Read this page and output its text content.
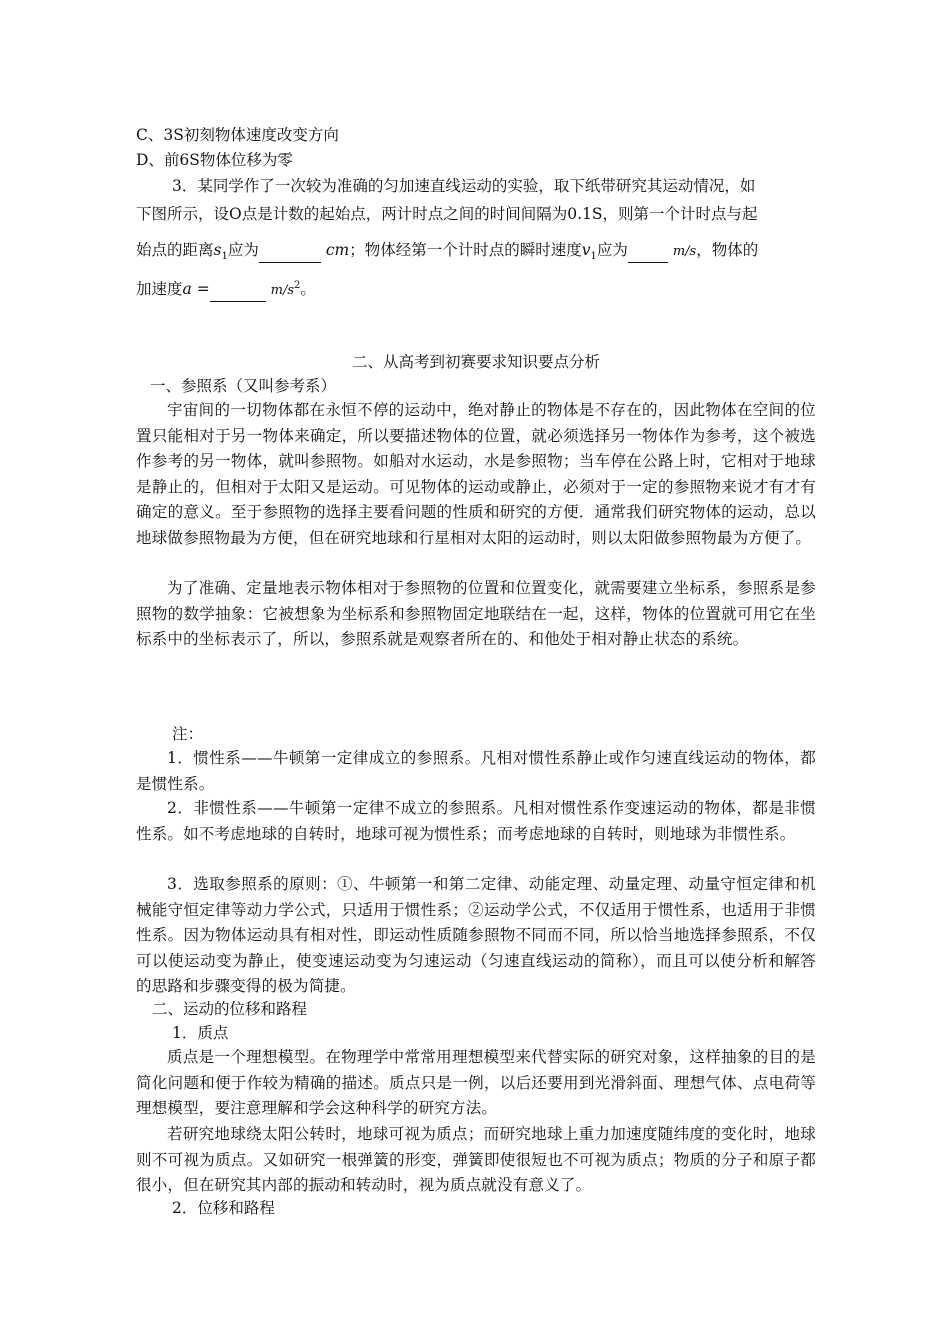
C、3S初刻物体速度改变方向
D、前6S物体位移为零
3．某同学作了一次较为准确的匀加速直线运动的实验，取下纸带研究其运动情况，如
下图所示，设O点是计数的起始点，两计时点之间的时间间隔为0.1S，则第一个计时点与起
始点的距离$s_1$应为	cm；物体经第一个计时点的瞬时速度$v_1$应为	m/s，物体的
加速度a =	$m/s^2$。
二、从高考到初赛要求知识要点分析
一、参照系（又叫参考系）
宇宙间的一切物体都在永恒不停的运动中，绝对静止的物体是不存在的，因此物体在空间的位置只能相对于另一物体来确定，所以要描述物体的位置，就必须选择另一物体作为参考，这个被选作参考的另一物体，就叫参照物。如船对水运动，水是参照物；当车停在公路上时，它相对于地球是静止的，但相对于太阳又是运动。可见物体的运动或静止，必须对于一定的参照物来说才有才有确定的意义。至于参照物的选择主要看问题的性质和研究的方便．通常我们研究物体的运动，总以地球做参照物最为方便，但在研究地球和行星相对太阳的运动时，则以太阳做参照物最为方便了。
为了准确、定量地表示物体相对于参照物的位置和位置变化，就需要建立坐标系，参照系是参照物的数学抽象：它被想象为坐标系和参照物固定地联结在一起，这样，物体的位置就可用它在坐标系中的坐标表示了，所以，参照系就是观察者所在的、和他处于相对静止状态的系统。
注：
1．惯性系——牛顿第一定律成立的参照系。凡相对惯性系静止或作匀速直线运动的物体，都是惯性系。
2．非惯性系——牛顿第一定律不成立的参照系。凡相对惯性系作变速运动的物体，都是非惯性系。如不考虑地球的自转时，地球可视为惯性系；而考虑地球的自转时，则地球为非惯性系。
3．选取参照系的原则：①、牛顿第一和第二定律、动能定理、动量定理、动量守恒定律和机械能守恒定律等动力学公式，只适用于惯性系；②运动学公式，不仅适用于惯性系，也适用于非惯性系。因为物体运动具有相对性，即运动性质随参照物不同而不同，所以恰当地选择参照系，不仅可以使运动变为静止，使变速运动变为匀速运动（匀速直线运动的简称），而且可以使分析和解答的思路和步骤变得的极为简捷。
二、运动的位移和路程
1．质点
质点是一个理想模型。在物理学中常常用理想模型来代替实际的研究对象，这样抽象的目的是简化问题和便于作较为精确的描述。质点只是一例，以后还要用到光滑斜面、理想气体、点电荷等理想模型，要注意理解和学会这种科学的研究方法。
若研究地球绕太阳公转时，地球可视为质点；而研究地球上重力加速度随纬度的变化时，地球则不可视为质点。又如研究一根弹簧的形变，弹簧即使很短也不可视为质点；物质的分子和原子都很小，但在研究其内部的振动和转动时，视为质点就没有意义了。
2．位移和路程
